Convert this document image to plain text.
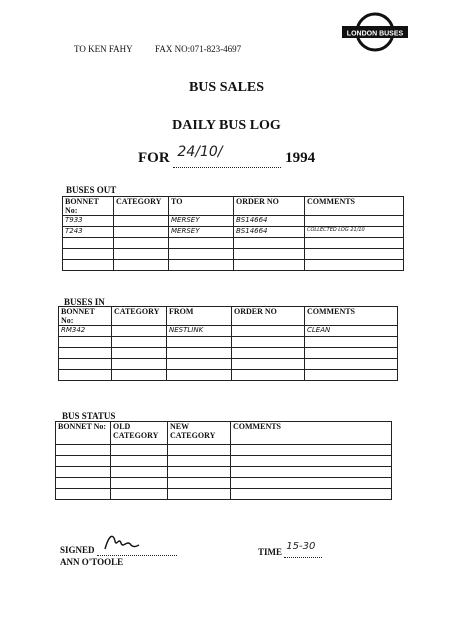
TO KEN FAHY FAX NO:071-823-4697
LONDON BUSES
BUS SALES
DAILY BUS LOG
FOR 24/10/	1994
BUSES OUT
BONNET No:	CATEGORY	TO	ORDER NO	COMMENTS
T933		MERSEY	BS14664	
T243		MERSEY	BS14664	COLLECTED LOG 21/10

BUSES IN
BONNET No:	CATEGORY	FROM	ORDER NO	COMMENTS
RM342		NESTLINK		CLEAN

BUS STATUS
BONNET No:	OLD CATEGORY	NEW CATEGORY	COMMENTS

SIGNED

ANN O'TOOLE
TIME 15-30
